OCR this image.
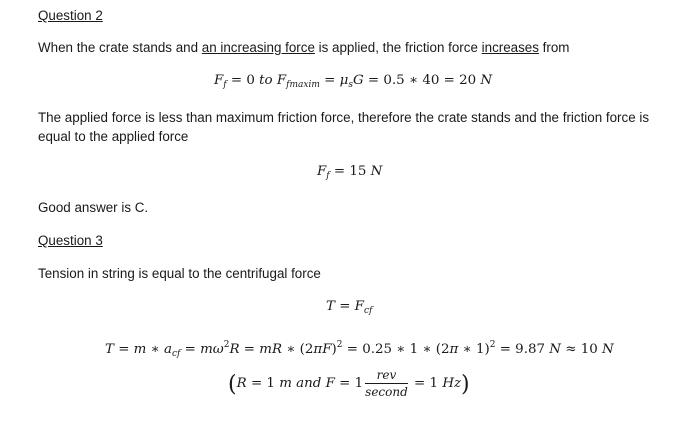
Question 2
When the crate stands and an increasing force is applied, the friction force increases from
$F_f = 0$ to $F_{fmaxim} = \mu_sG = 0.5$ ∗ 40 = 20 N
The applied force is less than maximum friction force, therefore the crate stands and the friction force is
equal to the applied force
$F_f = 15$ N
Good answer is C.
Question 3
Tension in string is equal to the centrifugal force
$T = F_{cf}$
T = m ∗ $a_{cf} = m\omega^2R$ = mR ∗ $(2\pi F)^2 = 0.25$ ∗ 1 ∗ (2π ∗ 1)$^2$ = 9.87 N ≈ 10 N
(R = 1 m and $F = 1 \frac{\text{rev}}{\text{second}} = 1$ Hz)
